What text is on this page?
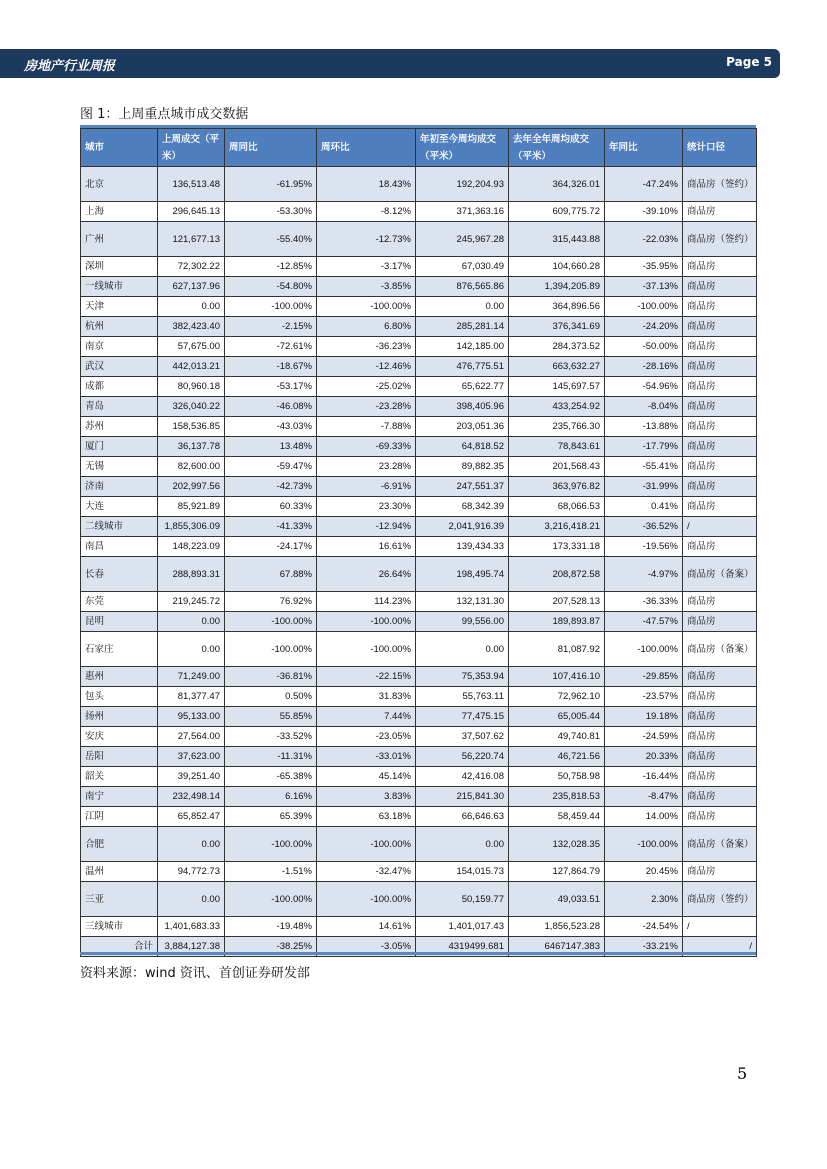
房地产行业周报	Page 5
图 1：上周重点城市成交数据
城市	上周成交（平米）	周同比	周环比	年初至今周均成交（平米）	去年全年周均成交（平米）	年同比	统计口径
北京	136,513.48	-61.95%	18.43%	192,204.93	364,326.01	-47.24%	商品房（签约）
上海	296,645.13	-53.30%	-8.12%	371,363.16	609,775.72	-39.10%	商品房
广州	121,677.13	-55.40%	-12.73%	245,967.28	315,443.88	-22.03%	商品房（签约）
深圳	72,302.22	-12.85%	-3.17%	67,030.49	104,660.28	-35.95%	商品房
一线城市	627,137.96	-54.80%	-3.85%	876,565.86	1,394,205.89	-37.13%	商品房
天津	0.00	-100.00%	-100.00%	0.00	364,896.56	-100.00%	商品房
杭州	382,423.40	-2.15%	6.80%	285,281.14	376,341.69	-24.20%	商品房
南京	57,675.00	-72.61%	-36.23%	142,185.00	284,373.52	-50.00%	商品房
武汉	442,013.21	-18.67%	-12.46%	476,775.51	663,632.27	-28.16%	商品房
成都	80,960.18	-53.17%	-25.02%	65,622.77	145,697.57	-54.96%	商品房
青岛	326,040.22	-46.08%	-23.28%	398,405.96	433,254.92	-8.04%	商品房
苏州	158,536.85	-43.03%	-7.88%	203,051.36	235,766.30	-13.88%	商品房
厦门	36,137.78	13.48%	-69.33%	64,818.52	78,843.61	-17.79%	商品房
无锡	82,600.00	-59.47%	23.28%	89,882.35	201,568.43	-55.41%	商品房
济南	202,997.56	-42.73%	-6.91%	247,551.37	363,976.82	-31.99%	商品房
大连	85,921.89	60.33%	23.30%	68,342.39	68,066.53	0.41%	商品房
二线城市	1,855,306.09	-41.33%	-12.94%	2,041,916.39	3,216,418.21	-36.52%	/
南昌	148,223.09	-24.17%	16.61%	139,434.33	173,331.18	-19.56%	商品房
长春	288,893.31	67.88%	26.64%	198,495.74	208,872.58	-4.97%	商品房（备案）
东莞	219,245.72	76.92%	114.23%	132,131.30	207,528.13	-36.33%	商品房
昆明	0.00	-100.00%	-100.00%	99,556.00	189,893.87	-47.57%	商品房
石家庄	0.00	-100.00%	-100.00%	0.00	81,087.92	-100.00%	商品房（备案）
惠州	71,249.00	-36.81%	-22.15%	75,353.94	107,416.10	-29.85%	商品房
包头	81,377.47	0.50%	31.83%	55,763.11	72,962.10	-23.57%	商品房
扬州	95,133.00	55.85%	7.44%	77,475.15	65,005.44	19.18%	商品房
安庆	27,564.00	-33.52%	-23.05%	37,507.62	49,740.81	-24.59%	商品房
岳阳	37,623.00	-11.31%	-33.01%	56,220.74	46,721.56	20.33%	商品房
韶关	39,251.40	-65.38%	45.14%	42,416.08	50,758.98	-16.44%	商品房
南宁	232,498.14	6.16%	3.83%	215,841.30	235,818.53	-8.47%	商品房
江阴	65,852.47	65.39%	63.18%	66,646.63	58,459.44	14.00%	商品房
合肥	0.00	-100.00%	-100.00%	0.00	132,028.35	-100.00%	商品房（备案）
温州	94,772.73	-1.51%	-32.47%	154,015.73	127,864.79	20.45%	商品房
三亚	0.00	-100.00%	-100.00%	50,159.77	49,033.51	2.30%	商品房（签约）
三线城市	1,401,683.33	-19.48%	14.61%	1,401,017.43	1,856,523.28	-24.54%	/
合计	3,884,127.38	-38.25%	-3.05%	4319499.681	6467147.383	-33.21%	/
资料来源：wind 资讯、首创证券研发部
5
